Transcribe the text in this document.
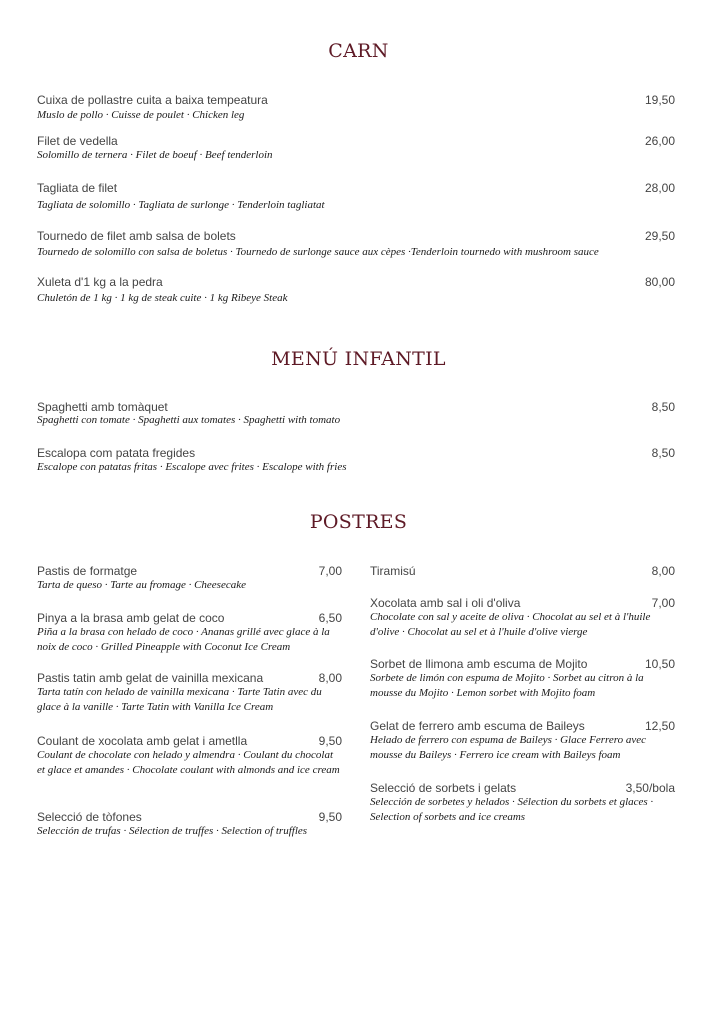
CARN
Cuixa de pollastre cuita a baixa tempeatura	19,50
Muslo de pollo · Cuisse de poulet · Chicken leg
Filet de vedella	26,00
Solomillo de ternera · Filet de boeuf · Beef tenderloin
Tagliata de filet	28,00
Tagliata de solomillo · Tagliata de surlonge · Tenderloin tagliatat
Tournedo de filet amb salsa de bolets	29,50
Tournedo de solomillo con salsa de boletus · Tournedo de surlonge sauce aux cèpes ·Tenderloin tournedo with mushroom sauce
Xuleta d'1 kg a la pedra	80,00
Chuletón de 1 kg · 1 kg de steak cuite · 1 kg Ribeye Steak
MENÚ INFANTIL
Spaghetti amb tomàquet	8,50
Spaghetti con tomate · Spaghetti aux tomates · Spaghetti with tomato
Escalopa com patata fregides	8,50
Escalope con patatas fritas · Escalope avec frites · Escalope with fries
POSTRES
Pastis de formatge	7,00
Tarta de queso · Tarte au fromage · Cheesecake
Pinya a la brasa amb gelat de coco	6,50
Piña a la brasa con helado de coco · Ananas grillé avec glace à la noix de coco · Grilled Pineapple with Coconut Ice Cream
Pastis tatin amb gelat de vainilla mexicana	8,00
Tarta tatín con helado de vainilla mexicana · Tarte Tatin avec du glace à la vanille · Tarte Tatin with Vanilla Ice Cream
Coulant de xocolata amb gelat i ametlla	9,50
Coulant de chocolate con helado y almendra · Coulant du chocolat et glace et amandes · Chocolate coulant with almonds and ice cream
Selecció de tòfones	9,50
Selección de trufas · Sélection de truffes · Selection of truffles
Tiramisú	8,00
Xocolata amb sal i oli d'oliva	7,00
Chocolate con sal y aceite de oliva · Chocolat au sel et à l'huile d'olive · Chocolat au sel et à l'huile d'olive vierge
Sorbet de llimona amb escuma de Mojito	10,50
Sorbete de limón con espuma de Mojito · Sorbet au citron à la mousse du Mojito · Lemon sorbet with Mojito foam
Gelat de ferrero amb escuma de Baileys	12,50
Helado de ferrero con espuma de Baileys · Glace Ferrero avec mousse du Baileys · Ferrero ice cream with Baileys foam
Selecció de sorbets i gelats	3,50/bola
Selección de sorbetes y helados · Sélection du sorbets et glaces · Selection of sorbets and ice creams
